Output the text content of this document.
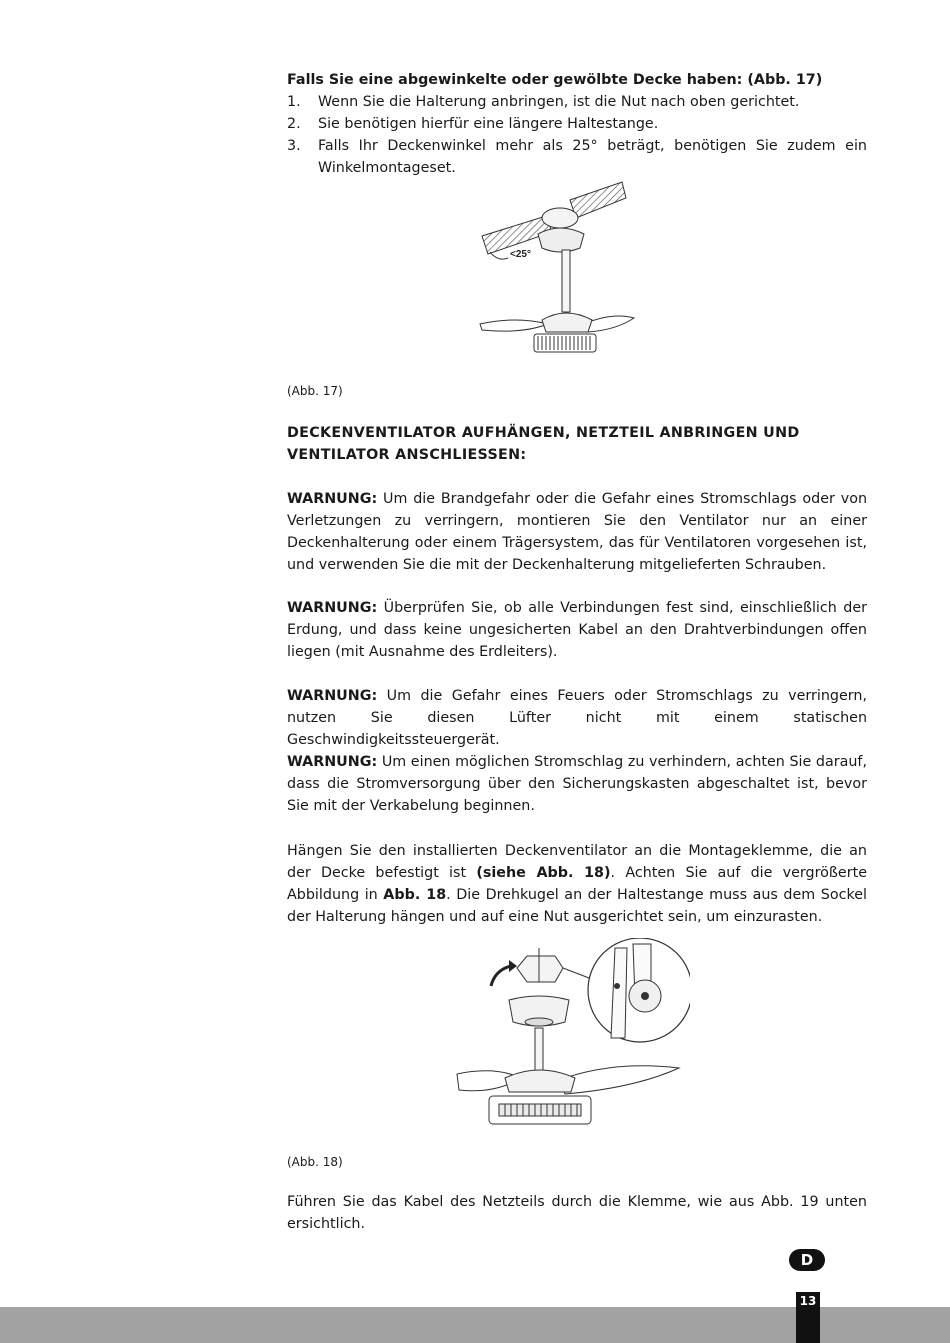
Falls Sie eine abgewinkelte oder gewölbte Decke haben: (Abb. 17)

1. Wenn Sie die Halterung anbringen, ist die Nut nach oben gerichtet.
2. Sie benötigen hierfür eine längere Haltestange.
3. Falls Ihr Deckenwinkel mehr als 25° beträgt, benötigen Sie zudem ein Winkelmontageset.

(Abb. 17)

DECKENVENTILATOR AUFHÄNGEN, NETZTEIL ANBRINGEN UND VENTILATOR ANSCHLIESSEN:

WARNUNG: Um die Brandgefahr oder die Gefahr eines Stromschlags oder von Verletzungen zu verringern, montieren Sie den Ventilator nur an einer Deckenhalterung oder einem Trägersystem, das für Ventilatoren vorgesehen ist, und verwenden Sie die mit der Deckenhalterung mitgelieferten Schrauben.

WARNUNG: Überprüfen Sie, ob alle Verbindungen fest sind, einschließlich der Erdung, und dass keine ungesicherten Kabel an den Drahtverbindungen offen liegen (mit Ausnahme des Erdleiters).

WARNUNG: Um die Gefahr eines Feuers oder Stromschlags zu verringern, nutzen Sie diesen Lüfter nicht mit einem statischen Geschwindigkeitssteuergerät.

WARNUNG: Um einen möglichen Stromschlag zu verhindern, achten Sie darauf, dass die Stromversorgung über den Sicherungskasten abgeschaltet ist, bevor Sie mit der Verkabelung beginnen.

Hängen Sie den installierten Deckenventilator an die Montageklemme, die an der Decke befestigt ist (siehe Abb. 18). Achten Sie auf die vergrößerte Abbildung in Abb. 18. Die Drehkugel an der Haltestange muss aus dem Sockel der Halterung hängen und auf eine Nut ausgerichtet sein, um einzurasten.

(Abb. 18)

Führen Sie das Kabel des Netzteils durch die Klemme, wie aus Abb. 19 unten ersichtlich.

<25°
D
13
